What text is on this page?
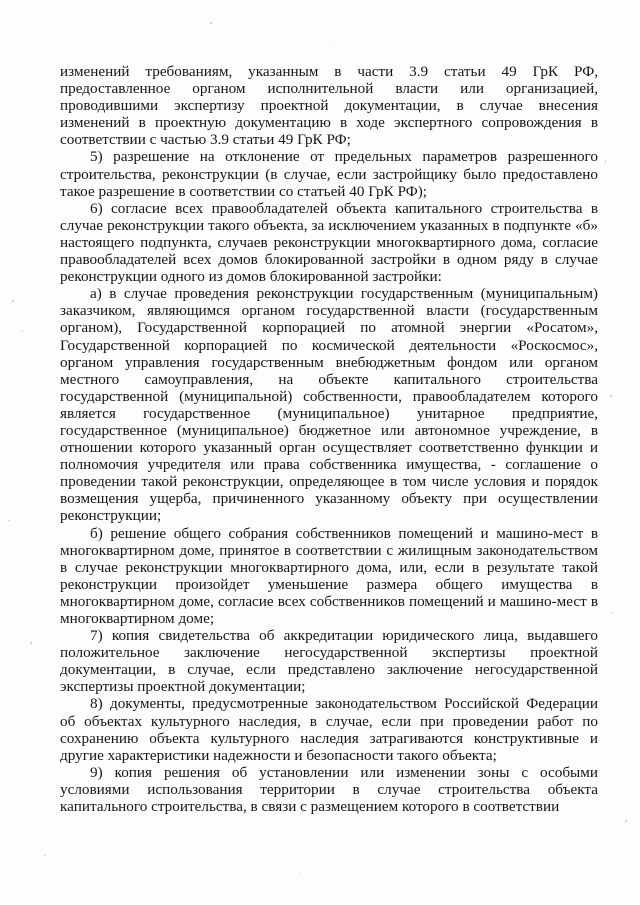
изменений требованиям, указанным в части 3.9 статьи 49 ГрК РФ, предоставленное органом исполнительной власти или организацией, проводившими экспертизу проектной документации, в случае внесения изменений в проектную документацию в ходе экспертного сопровождения в соответствии с частью 3.9 статьи 49 ГрК РФ;

5) разрешение на отклонение от предельных параметров разрешенного строительства, реконструкции (в случае, если застройщику было предоставлено такое разрешение в соответствии со статьей 40 ГрК РФ);

6) согласие всех правообладателей объекта капитального строительства в случае реконструкции такого объекта, за исключением указанных в подпункте «б» настоящего подпункта, случаев реконструкции многоквартирного дома, согласие правообладателей всех домов блокированной застройки в одном ряду в случае реконструкции одного из домов блокированной застройки:

а) в случае проведения реконструкции государственным (муниципальным) заказчиком, являющимся органом государственной власти (государственным органом), Государственной корпорацией по атомной энергии «Росатом», Государственной корпорацией по космической деятельности «Роскосмос», органом управления государственным внебюджетным фондом или органом местного самоуправления, на объекте капитального строительства государственной (муниципальной) собственности, правообладателем которого является государственное (муниципальное) унитарное предприятие, государственное (муниципальное) бюджетное или автономное учреждение, в отношении которого указанный орган осуществляет соответственно функции и полномочия учредителя или права собственника имущества, - соглашение о проведении такой реконструкции, определяющее в том числе условия и порядок возмещения ущерба, причиненного указанному объекту при осуществлении реконструкции;

б) решение общего собрания собственников помещений и машино-мест в многоквартирном доме, принятое в соответствии с жилищным законодательством в случае реконструкции многоквартирного дома, или, если в результате такой реконструкции произойдет уменьшение размера общего имущества в многоквартирном доме, согласие всех собственников помещений и машино-мест в многоквартирном доме;

7) копия свидетельства об аккредитации юридического лица, выдавшего положительное заключение негосударственной экспертизы проектной документации, в случае, если представлено заключение негосударственной экспертизы проектной документации;

8) документы, предусмотренные законодательством Российской Федерации об объектах культурного наследия, в случае, если при проведении работ по сохранению объекта культурного наследия затрагиваются конструктивные и другие характеристики надежности и безопасности такого объекта;

9) копия решения об установлении или изменении зоны с особыми условиями использования территории в случае строительства объекта капитального строительства, в связи с размещением которого в соответствии
